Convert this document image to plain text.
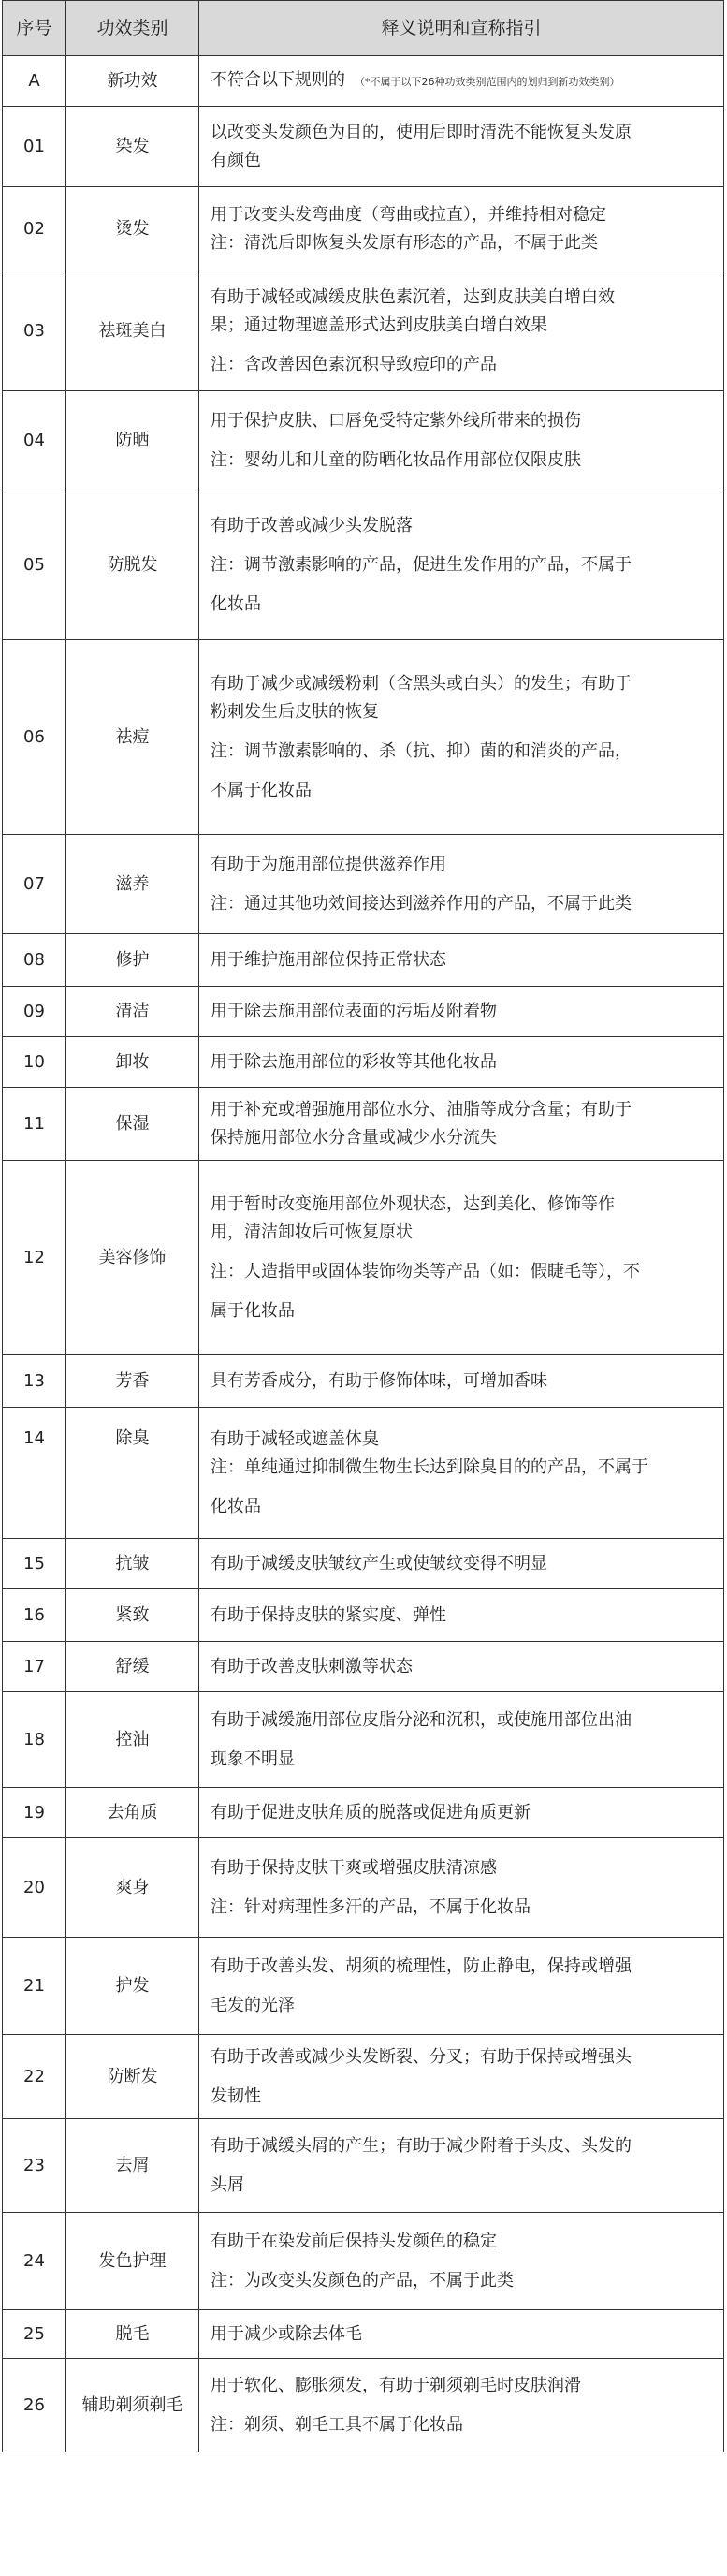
序号	功效类别	释义说明和宣称指引
A	新功效	不符合以下规则的 （*不属于以下26种功效类别范围内的划归到新功效类别）

01	染发	以改变头发颜色为目的，使用后即时清洗不能恢复头发原
有颜色

02	烫发	用于改变头发弯曲度（弯曲或拉直），并维持相对稳定
注：清洗后即恢复头发原有形态的产品，不属于此类

03	祛斑美白	有助于减轻或减缓皮肤色素沉着，达到皮肤美白增白效
果；通过物理遮盖形式达到皮肤美白增白效果
注：含改善因色素沉积导致痘印的产品

04	防晒	用于保护皮肤、口唇免受特定紫外线所带来的损伤
注：婴幼儿和儿童的防晒化妆品作用部位仅限皮肤

05	防脱发	有助于改善或减少头发脱落
注：调节激素影响的产品，促进生发作用的产品，不属于
化妆品

06	祛痘	有助于减少或减缓粉刺（含黑头或白头）的发生；有助于
粉刺发生后皮肤的恢复
注：调节激素影响的、杀（抗、抑）菌的和消炎的产品，
不属于化妆品

07	滋养	有助于为施用部位提供滋养作用
注：通过其他功效间接达到滋养作用的产品，不属于此类

08	修护	用于维护施用部位保持正常状态

09	清洁	用于除去施用部位表面的污垢及附着物

10	卸妆	用于除去施用部位的彩妆等其他化妆品

11	保湿	用于补充或增强施用部位水分、油脂等成分含量；有助于
保持施用部位水分含量或减少水分流失

12	美容修饰	用于暂时改变施用部位外观状态，达到美化、修饰等作
用，清洁卸妆后可恢复原状
注：人造指甲或固体装饰物类等产品（如：假睫毛等），不
属于化妆品

13	芳香	具有芳香成分，有助于修饰体味，可增加香味

14	除臭	有助于减轻或遮盖体臭
注：单纯通过抑制微生物生长达到除臭目的的产品，不属于
化妆品

15	抗皱	有助于减缓皮肤皱纹产生或使皱纹变得不明显

16	紧致	有助于保持皮肤的紧实度、弹性

17	舒缓	有助于改善皮肤刺激等状态

18	控油	有助于减缓施用部位皮脂分泌和沉积，或使施用部位出油
现象不明显

19	去角质	有助于促进皮肤角质的脱落或促进角质更新

20	爽身	有助于保持皮肤干爽或增强皮肤清凉感
注：针对病理性多汗的产品，不属于化妆品

21	护发	有助于改善头发、胡须的梳理性，防止静电，保持或增强
毛发的光泽

22	防断发	有助于改善或减少头发断裂、分叉；有助于保持或增强头
发韧性

23	去屑	有助于减缓头屑的产生；有助于减少附着于头皮、头发的
头屑

24	发色护理	有助于在染发前后保持头发颜色的稳定
注：为改变头发颜色的产品，不属于此类

25	脱毛	用于减少或除去体毛

26	辅助剃须剃毛	用于软化、膨胀须发，有助于剃须剃毛时皮肤润滑
注：剃须、剃毛工具不属于化妆品
